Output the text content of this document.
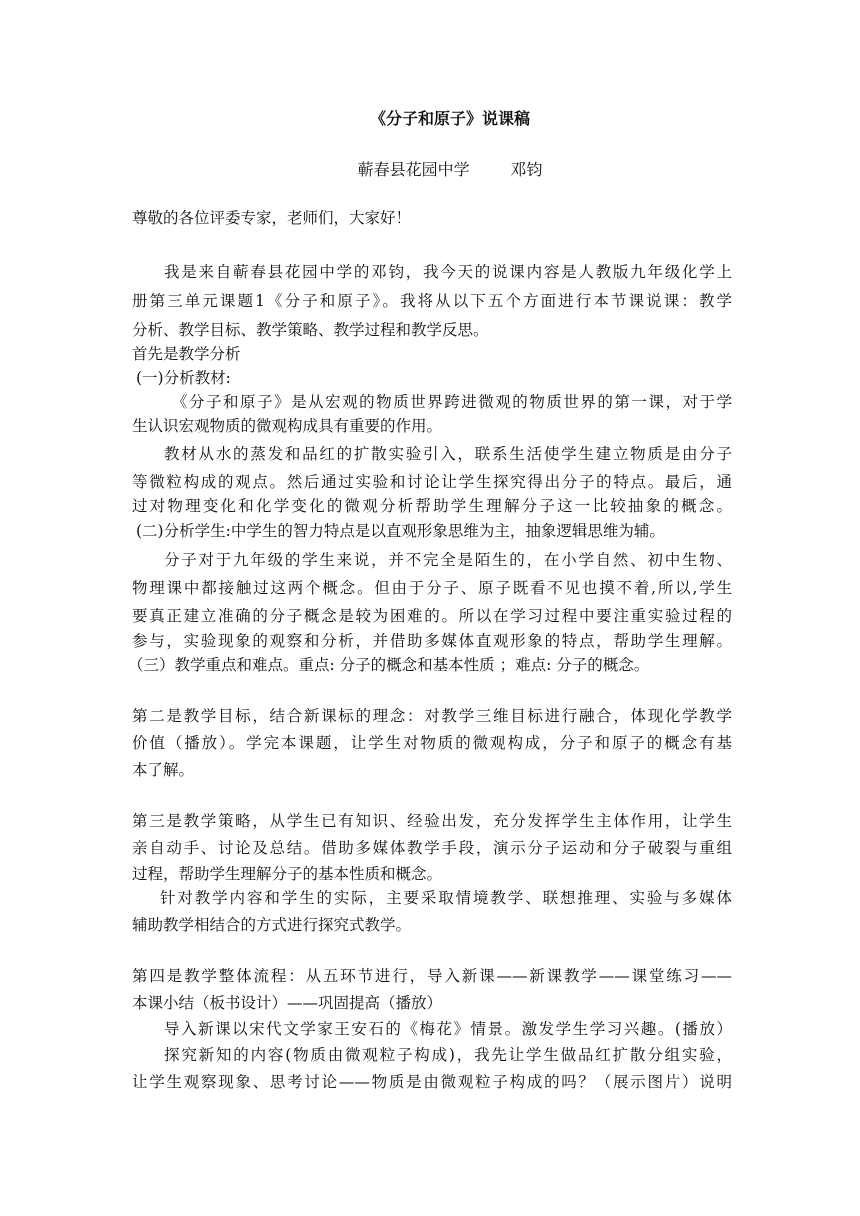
《分子和原子》说课稿
蕲春县花园中学        邓钧
尊敬的各位评委专家，老师们，大家好！
我是来自蕲春县花园中学的邓钧，我今天的说课内容是人教版九年级化学上
册第三单元课题1《分子和原子》。我将从以下五个方面进行本节课说课：教学
分析、教学目标、教学策略、教学过程和教学反思。
首先是教学分析
(一)分析教材:
《分子和原子》是从宏观的物质世界跨进微观的物质世界的第一课，对于学
生认识宏观物质的微观构成具有重要的作用。
教材从水的蒸发和品红的扩散实验引入，联系生活使学生建立物质是由分子
等微粒构成的观点。然后通过实验和讨论让学生探究得出分子的特点。最后，通
过对物理变化和化学变化的微观分析帮助学生理解分子这一比较抽象的概念。
(二)分析学生:中学生的智力特点是以直观形象思维为主，抽象逻辑思维为辅。
分子对于九年级的学生来说，并不完全是陌生的，在小学自然、初中生物、
物理课中都接触过这两个概念。但由于分子、原子既看不见也摸不着,所以,学生
要真正建立准确的分子概念是较为困难的。所以在学习过程中要注重实验过程的
参与，实验现象的观察和分析，并借助多媒体直观形象的特点，帮助学生理解。
（三）教学重点和难点。重点: 分子的概念和基本性质 ；难点: 分子的概念。
第二是教学目标，结合新课标的理念：对教学三维目标进行融合，体现化学教学
价值（播放）。学完本课题，让学生对物质的微观构成，分子和原子的概念有基
本了解。
第三是教学策略，从学生已有知识、经验出发，充分发挥学生主体作用，让学生
亲自动手、讨论及总结。借助多媒体教学手段，演示分子运动和分子破裂与重组
过程，帮助学生理解分子的基本性质和概念。
针对教学内容和学生的实际，主要采取情境教学、联想推理、实验与多媒体
辅助教学相结合的方式进行探究式教学。
第四是教学整体流程：从五环节进行，导入新课——新课教学——课堂练习——
本课小结（板书设计）——巩固提高（播放）
导入新课以宋代文学家王安石的《梅花》情景。激发学生学习兴趣。(播放）
探究新知的内容(物质由微观粒子构成)，我先让学生做品红扩散分组实验，
让学生观察现象、思考讨论——物质是由微观粒子构成的吗？（展示图片）说明
